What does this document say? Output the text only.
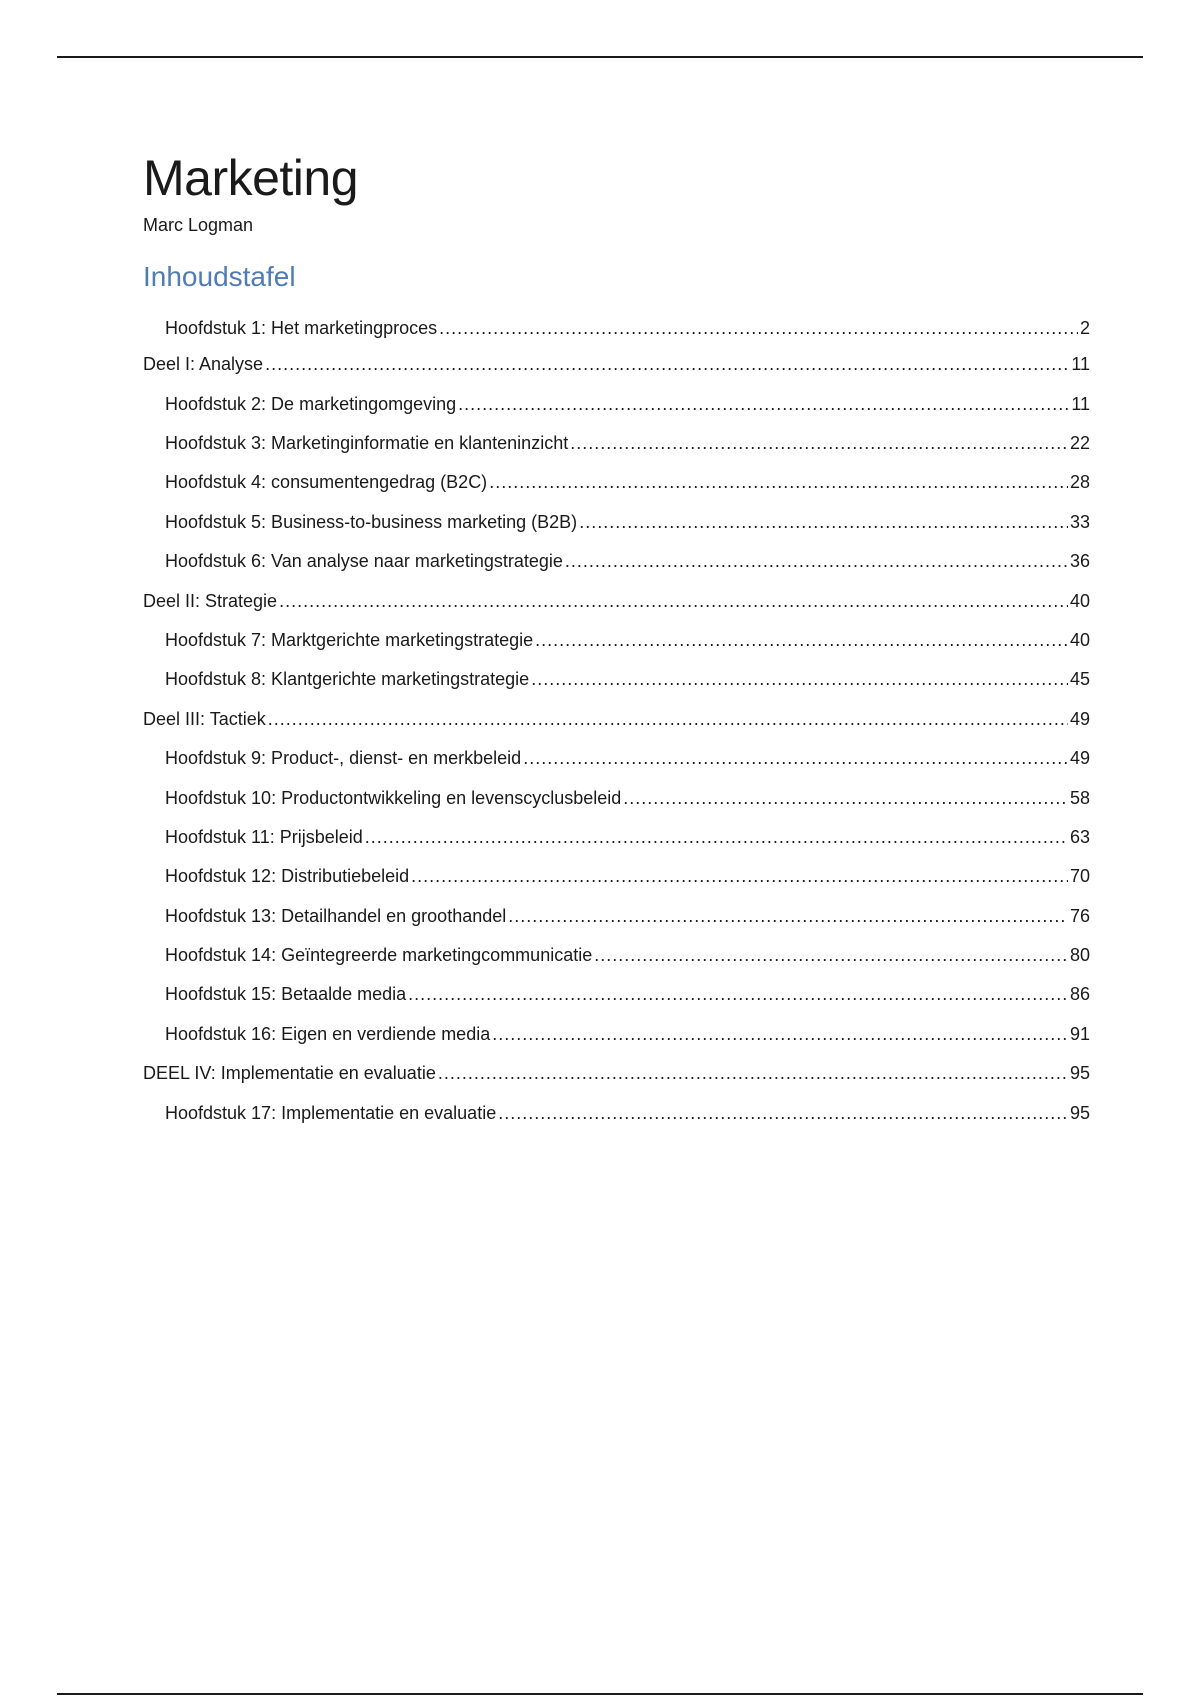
Marketing
Marc Logman
Inhoudstafel
Hoofdstuk 1: Het marketingproces .....	2
Deel I: Analyse .....	11
Hoofdstuk 2: De marketingomgeving .....	11
Hoofdstuk 3: Marketinginformatie en klanteninzicht .....	22
Hoofdstuk 4: consumentengedrag (B2C) .....	28
Hoofdstuk 5: Business-to-business marketing (B2B) .....	33
Hoofdstuk 6: Van analyse naar marketingstrategie .....	36
Deel II: Strategie .....	40
Hoofdstuk 7: Marktgerichte marketingstrategie .....	40
Hoofdstuk 8: Klantgerichte marketingstrategie .....	45
Deel III: Tactiek .....	49
Hoofdstuk 9: Product-, dienst- en merkbeleid .....	49
Hoofdstuk 10: Productontwikkeling en levenscyclusbeleid .....	58
Hoofdstuk 11: Prijsbeleid .....	63
Hoofdstuk 12: Distributiebeleid .....	70
Hoofdstuk 13: Detailhandel en groothandel .....	76
Hoofdstuk 14: Geïntegreerde marketingcommunicatie .....	80
Hoofdstuk 15: Betaalde media .....	86
Hoofdstuk 16: Eigen en verdiende media .....	91
DEEL IV: Implementatie en evaluatie .....	95
Hoofdstuk 17: Implementatie en evaluatie .....	95
